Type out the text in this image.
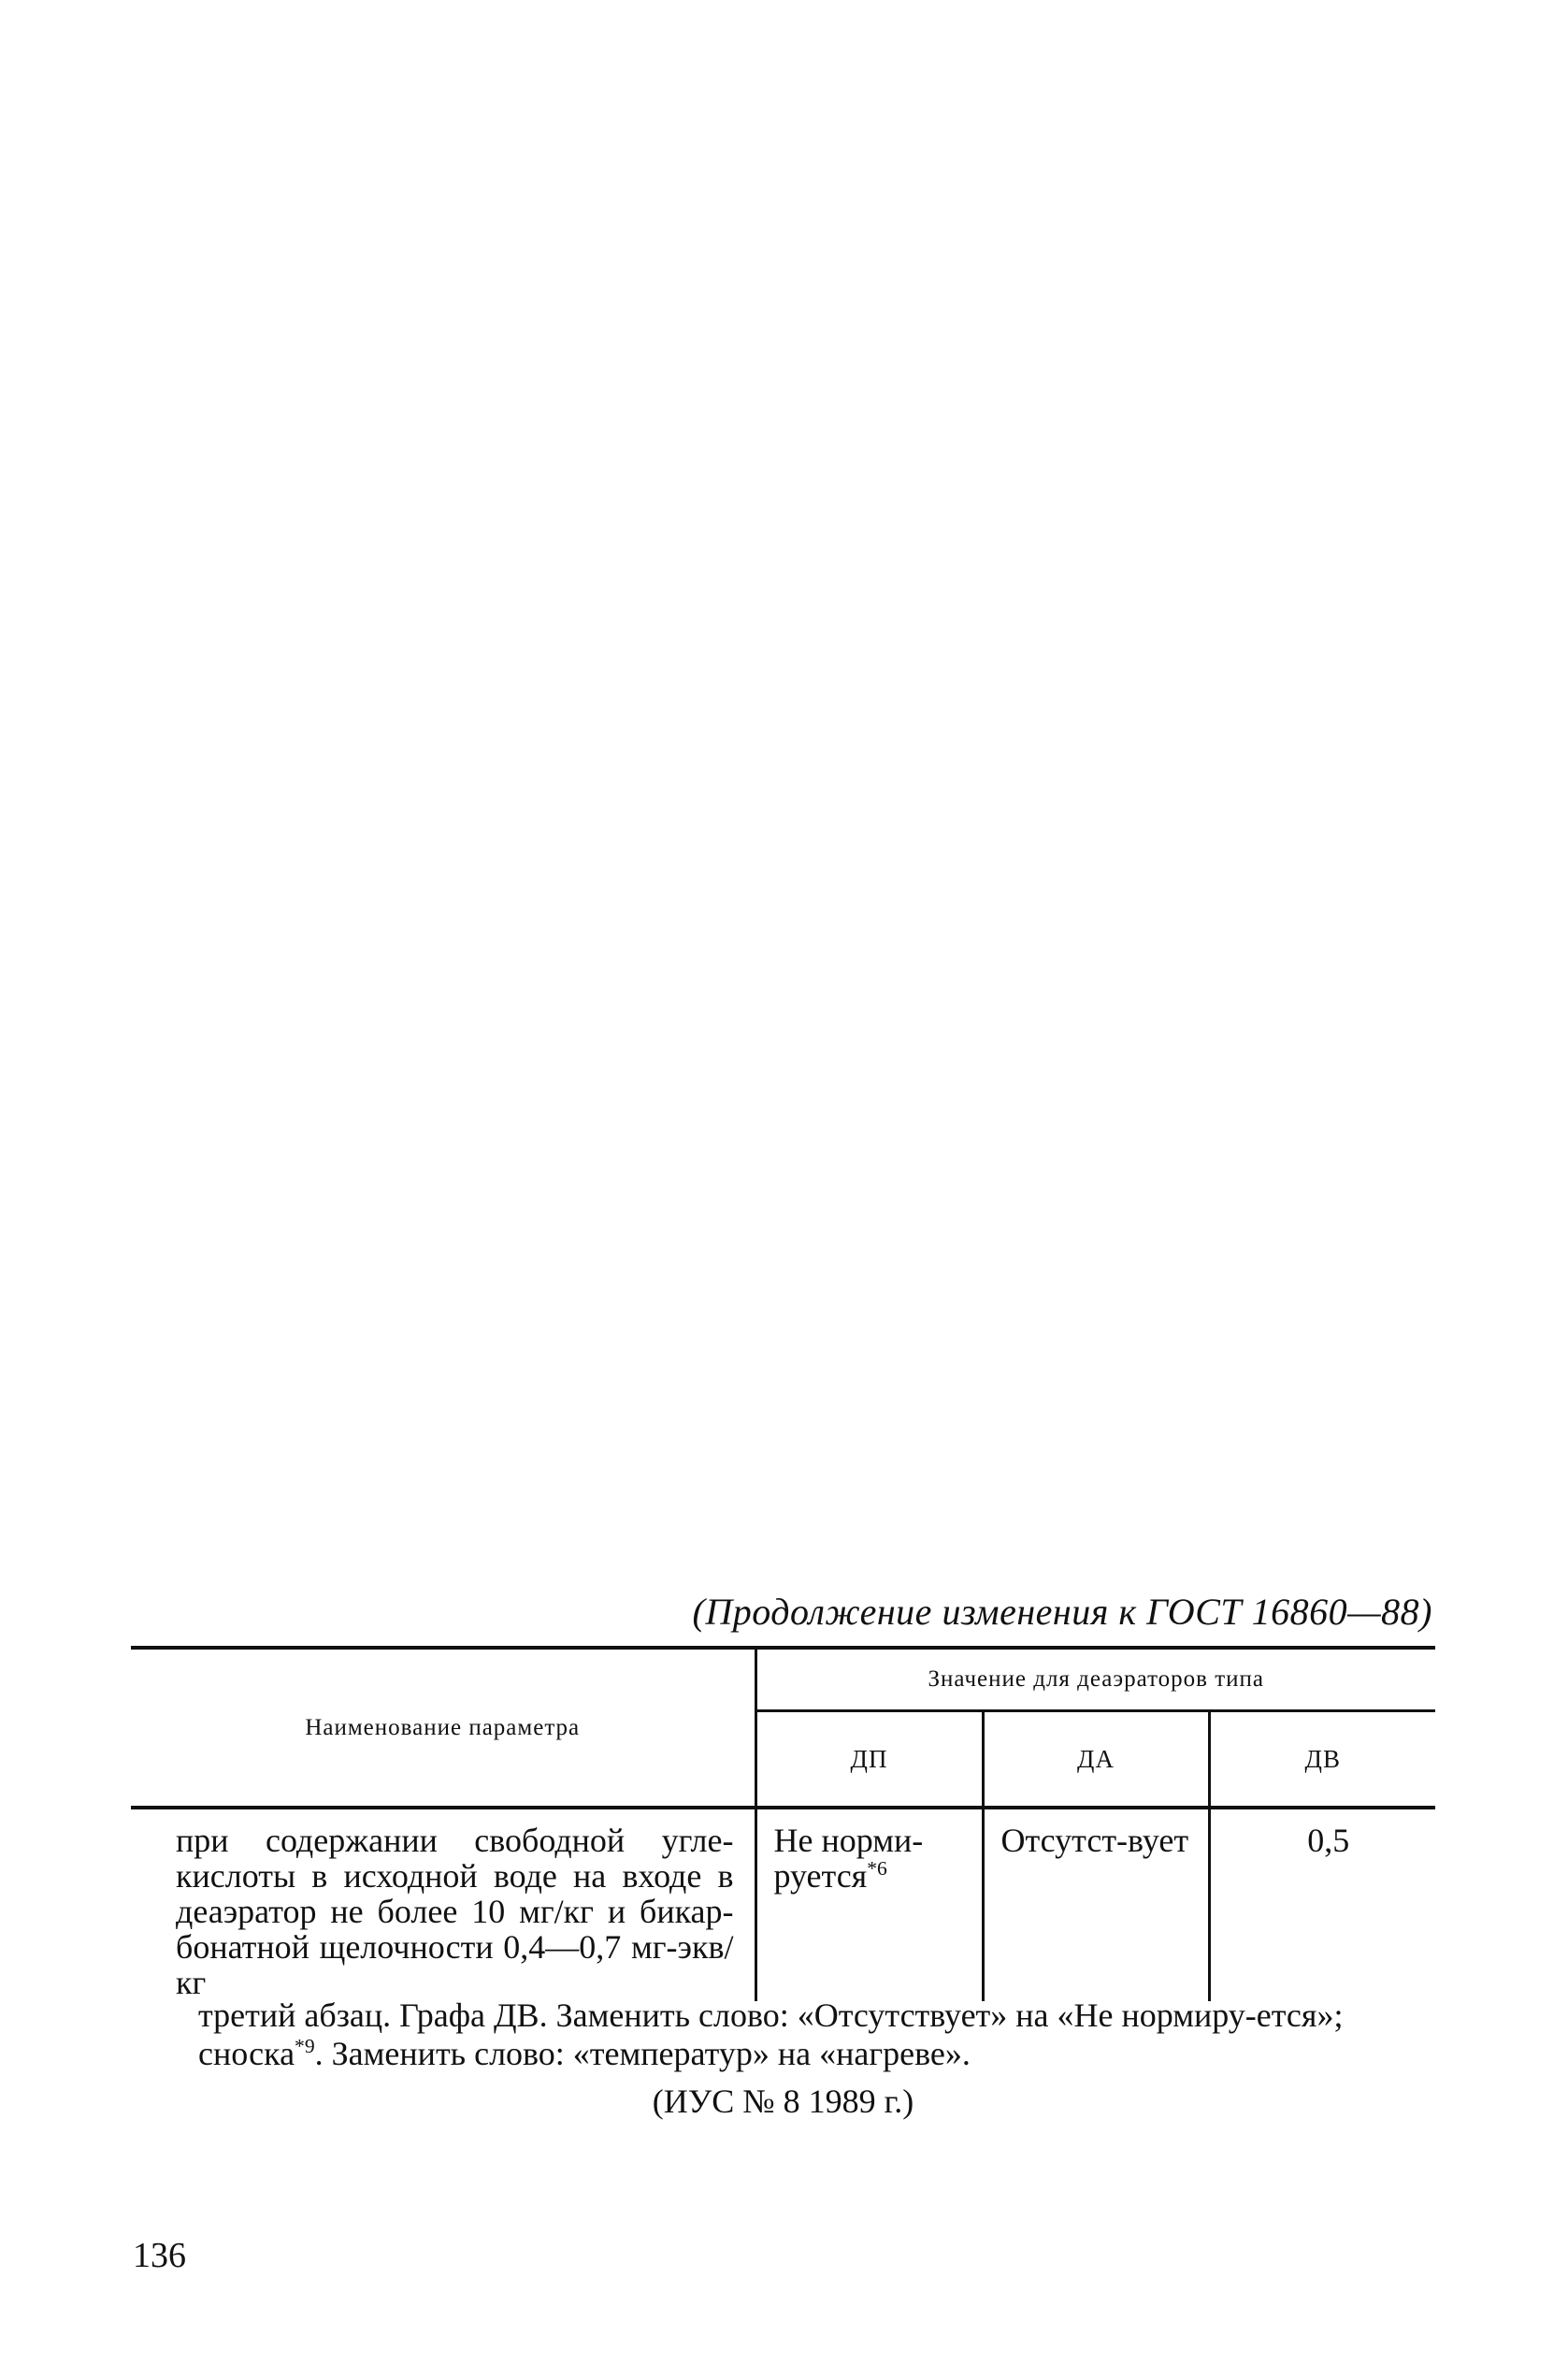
(Продолжение изменения к ГОСТ 16860—88)
Наименование параметра	Значение для деаэраторов типа		
	ДП	ДА	ДВ
при содержании свободной угле-кислоты в исходной воде на входе в деаэратор не более 10 мг/кг и бикар-бонатной щелочности 0,4—0,7 мг-экв/кг	Не норми-руется$^{*6}$	Отсутст-вует	0,5

третий абзац. Графа ДВ. Заменить слово: «Отсутствует» на «Не нормиру-ется»;

сноска$^{*9}$. Заменить слово: «температур» на «нагреве».

(ИУС № 8 1989 г.)

136
